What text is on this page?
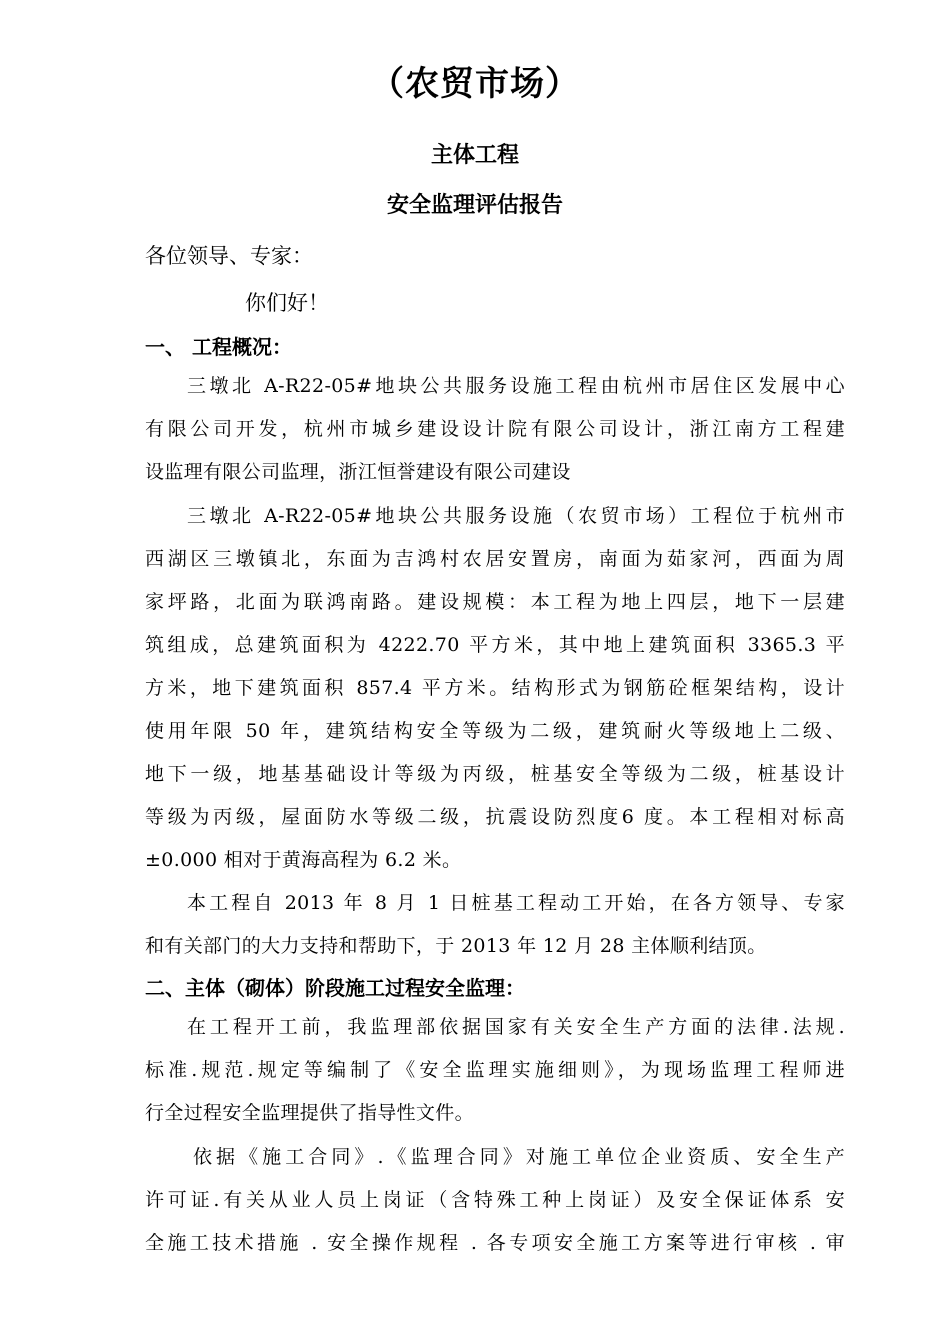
（农贸市场）
主体工程
安全监理评估报告
各位领导、专家：
你们好！
一、 工程概况：
三墩北 A-R22-05#地块公共服务设施工程由杭州市居住区发展中心
有限公司开发，杭州市城乡建设设计院有限公司设计，浙江南方工程建
设监理有限公司监理，浙江恒誉建设有限公司建设
三墩北 A-R22-05#地块公共服务设施（农贸市场）工程位于杭州市
西湖区三墩镇北，东面为吉鸿村农居安置房，南面为茹家河，西面为周
家坪路，北面为联鸿南路。建设规模：本工程为地上四层，地下一层建
筑组成，总建筑面积为 4222.70 平方米，其中地上建筑面积 3365.3 平
方米，地下建筑面积 857.4 平方米。结构形式为钢筋砼框架结构，设计
使用年限 50 年，建筑结构安全等级为二级，建筑耐火等级地上二级、
地下一级，地基基础设计等级为丙级，桩基安全等级为二级，桩基设计
等级为丙级，屋面防水等级二级，抗震设防烈度6 度。本工程相对标高
±0.000 相对于黄海高程为 6.2 米。
本工程自 2013 年 8 月 1 日桩基工程动工开始，在各方领导、专家
和有关部门的大力支持和帮助下，于 2013 年 12 月 28 主体顺利结顶。
二、主体（砌体）阶段施工过程安全监理：
在工程开工前，我监理部依据国家有关安全生产方面的法律.法规.
标准.规范.规定等编制了《安全监理实施细则》，为现场监理工程师进
行全过程安全监理提供了指导性文件。
依据《施工合同》.《监理合同》对施工单位企业资质、安全生产
许可证.有关从业人员上岗证（含特殊工种上岗证）及安全保证体系 安
全施工技术措施 . 安全操作规程 . 各专项安全施工方案等进行审核 . 审
